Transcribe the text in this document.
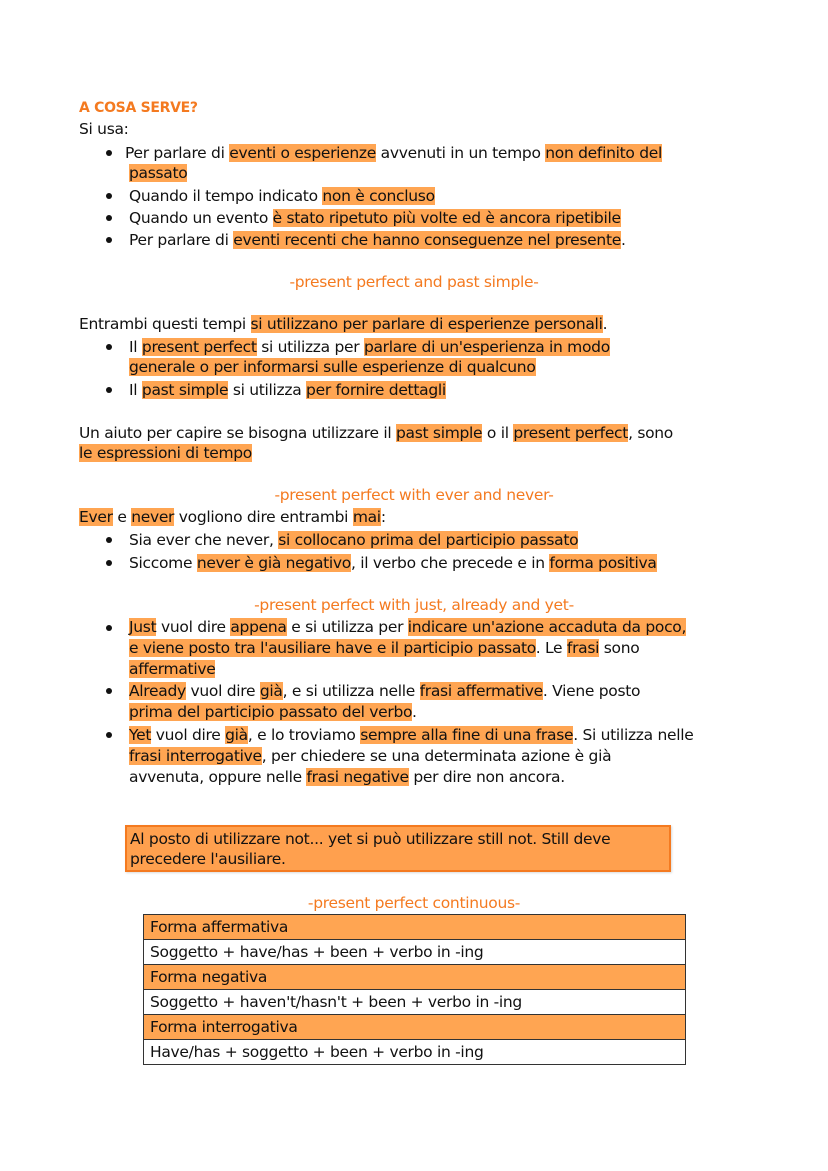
A COSA SERVE?
Si usa:
Per parlare di eventi o esperienze avvenuti in un tempo non definito del
passato
Quando il tempo indicato non è concluso
Quando un evento è stato ripetuto più volte ed è ancora ripetibile
Per parlare di eventi recenti che hanno conseguenze nel presente.
-present perfect and past simple-
Entrambi questi tempi si utilizzano per parlare di esperienze personali.
Il present perfect si utilizza per parlare di un'esperienza in modo
generale o per informarsi sulle esperienze di qualcuno
Il past simple si utilizza per fornire dettagli
Un aiuto per capire se bisogna utilizzare il past simple o il present perfect, sono
le espressioni di tempo
-present perfect with ever and never-
Ever e never vogliono dire entrambi mai:
Sia ever che never, si collocano prima del participio passato
Siccome never è già negativo, il verbo che precede e in forma positiva
-present perfect with just, already and yet-
Just vuol dire appena e si utilizza per indicare un'azione accaduta da poco,
e viene posto tra l'ausiliare have e il participio passato. Le frasi sono
affermative
Already vuol dire già, e si utilizza nelle frasi affermative. Viene posto
prima del participio passato del verbo.
Yet vuol dire già, e lo troviamo sempre alla fine di una frase. Si utilizza nelle
frasi interrogative, per chiedere se una determinata azione è già
avvenuta, oppure nelle frasi negative per dire non ancora.
Al posto di utilizzare not... yet si può utilizzare still not. Still deve
precedere l'ausiliare.
-present perfect continuous-
Forma affermativa
Soggetto + have/has + been + verbo in -ing
Forma negativa
Soggetto + haven't/hasn't + been + verbo in -ing
Forma interrogativa
Have/has + soggetto + been + verbo in -ing
